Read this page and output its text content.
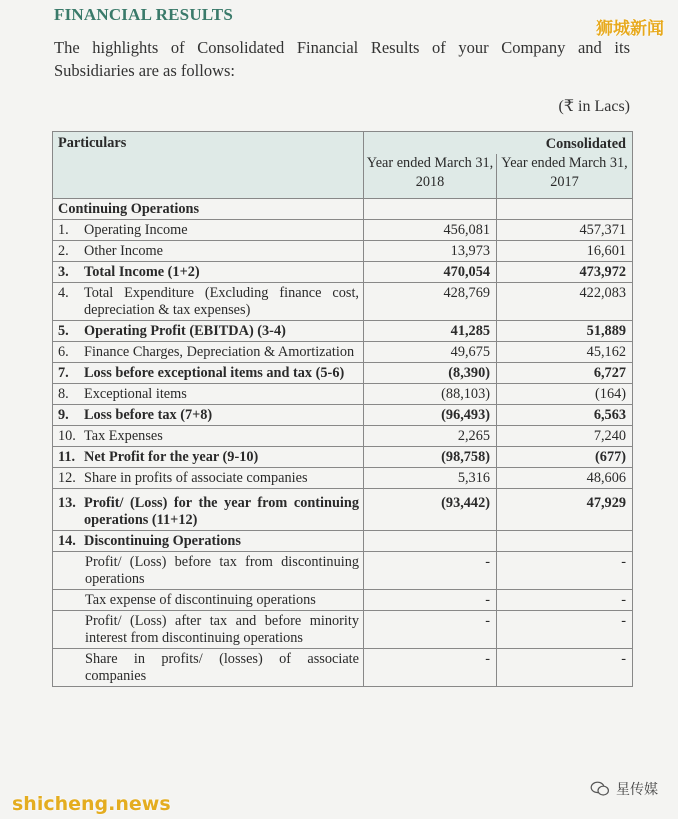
FINANCIAL RESULTS
The highlights of Consolidated Financial Results of your Company and its Subsidiaries are as follows:
(₹ in Lacs)
狮城新闻
Particulars	Consolidated	

	Year ended March 31, 2018	Year ended March 31, 2017

Continuing Operations		

1. Operating Income	456,081	457,371

2. Other Income	13,973	16,601

3. Total Income (1+2)	470,054	473,972

4. Total Expenditure (Excluding finance cost, depreciation & tax expenses)	428,769	422,083

5. Operating Profit (EBITDA) (3-4)	41,285	51,889

6. Finance Charges, Depreciation & Amortization	49,675	45,162

7. Loss before exceptional items and tax (5-6)	(8,390)	6,727

8. Exceptional items	(88,103)	(164)

9. Loss before tax (7+8)	(96,493)	6,563

10. Tax Expenses	2,265	7,240

11. Net Profit for the year (9-10)	(98,758)	(677)

12. Share in profits of associate companies	5,316	48,606

13. Profit/ (Loss) for the year from continuing operations (11+12)	(93,442)	47,929

14. Discontinuing Operations		

Profit/ (Loss) before tax from discontinuing operations	-	-

Tax expense of discontinuing operations	-	-

Profit/ (Loss) after tax and before minority interest from discontinuing operations	-	-

Share in profits/ (losses) of associate companies	-	-
shicheng.news
星传媒
